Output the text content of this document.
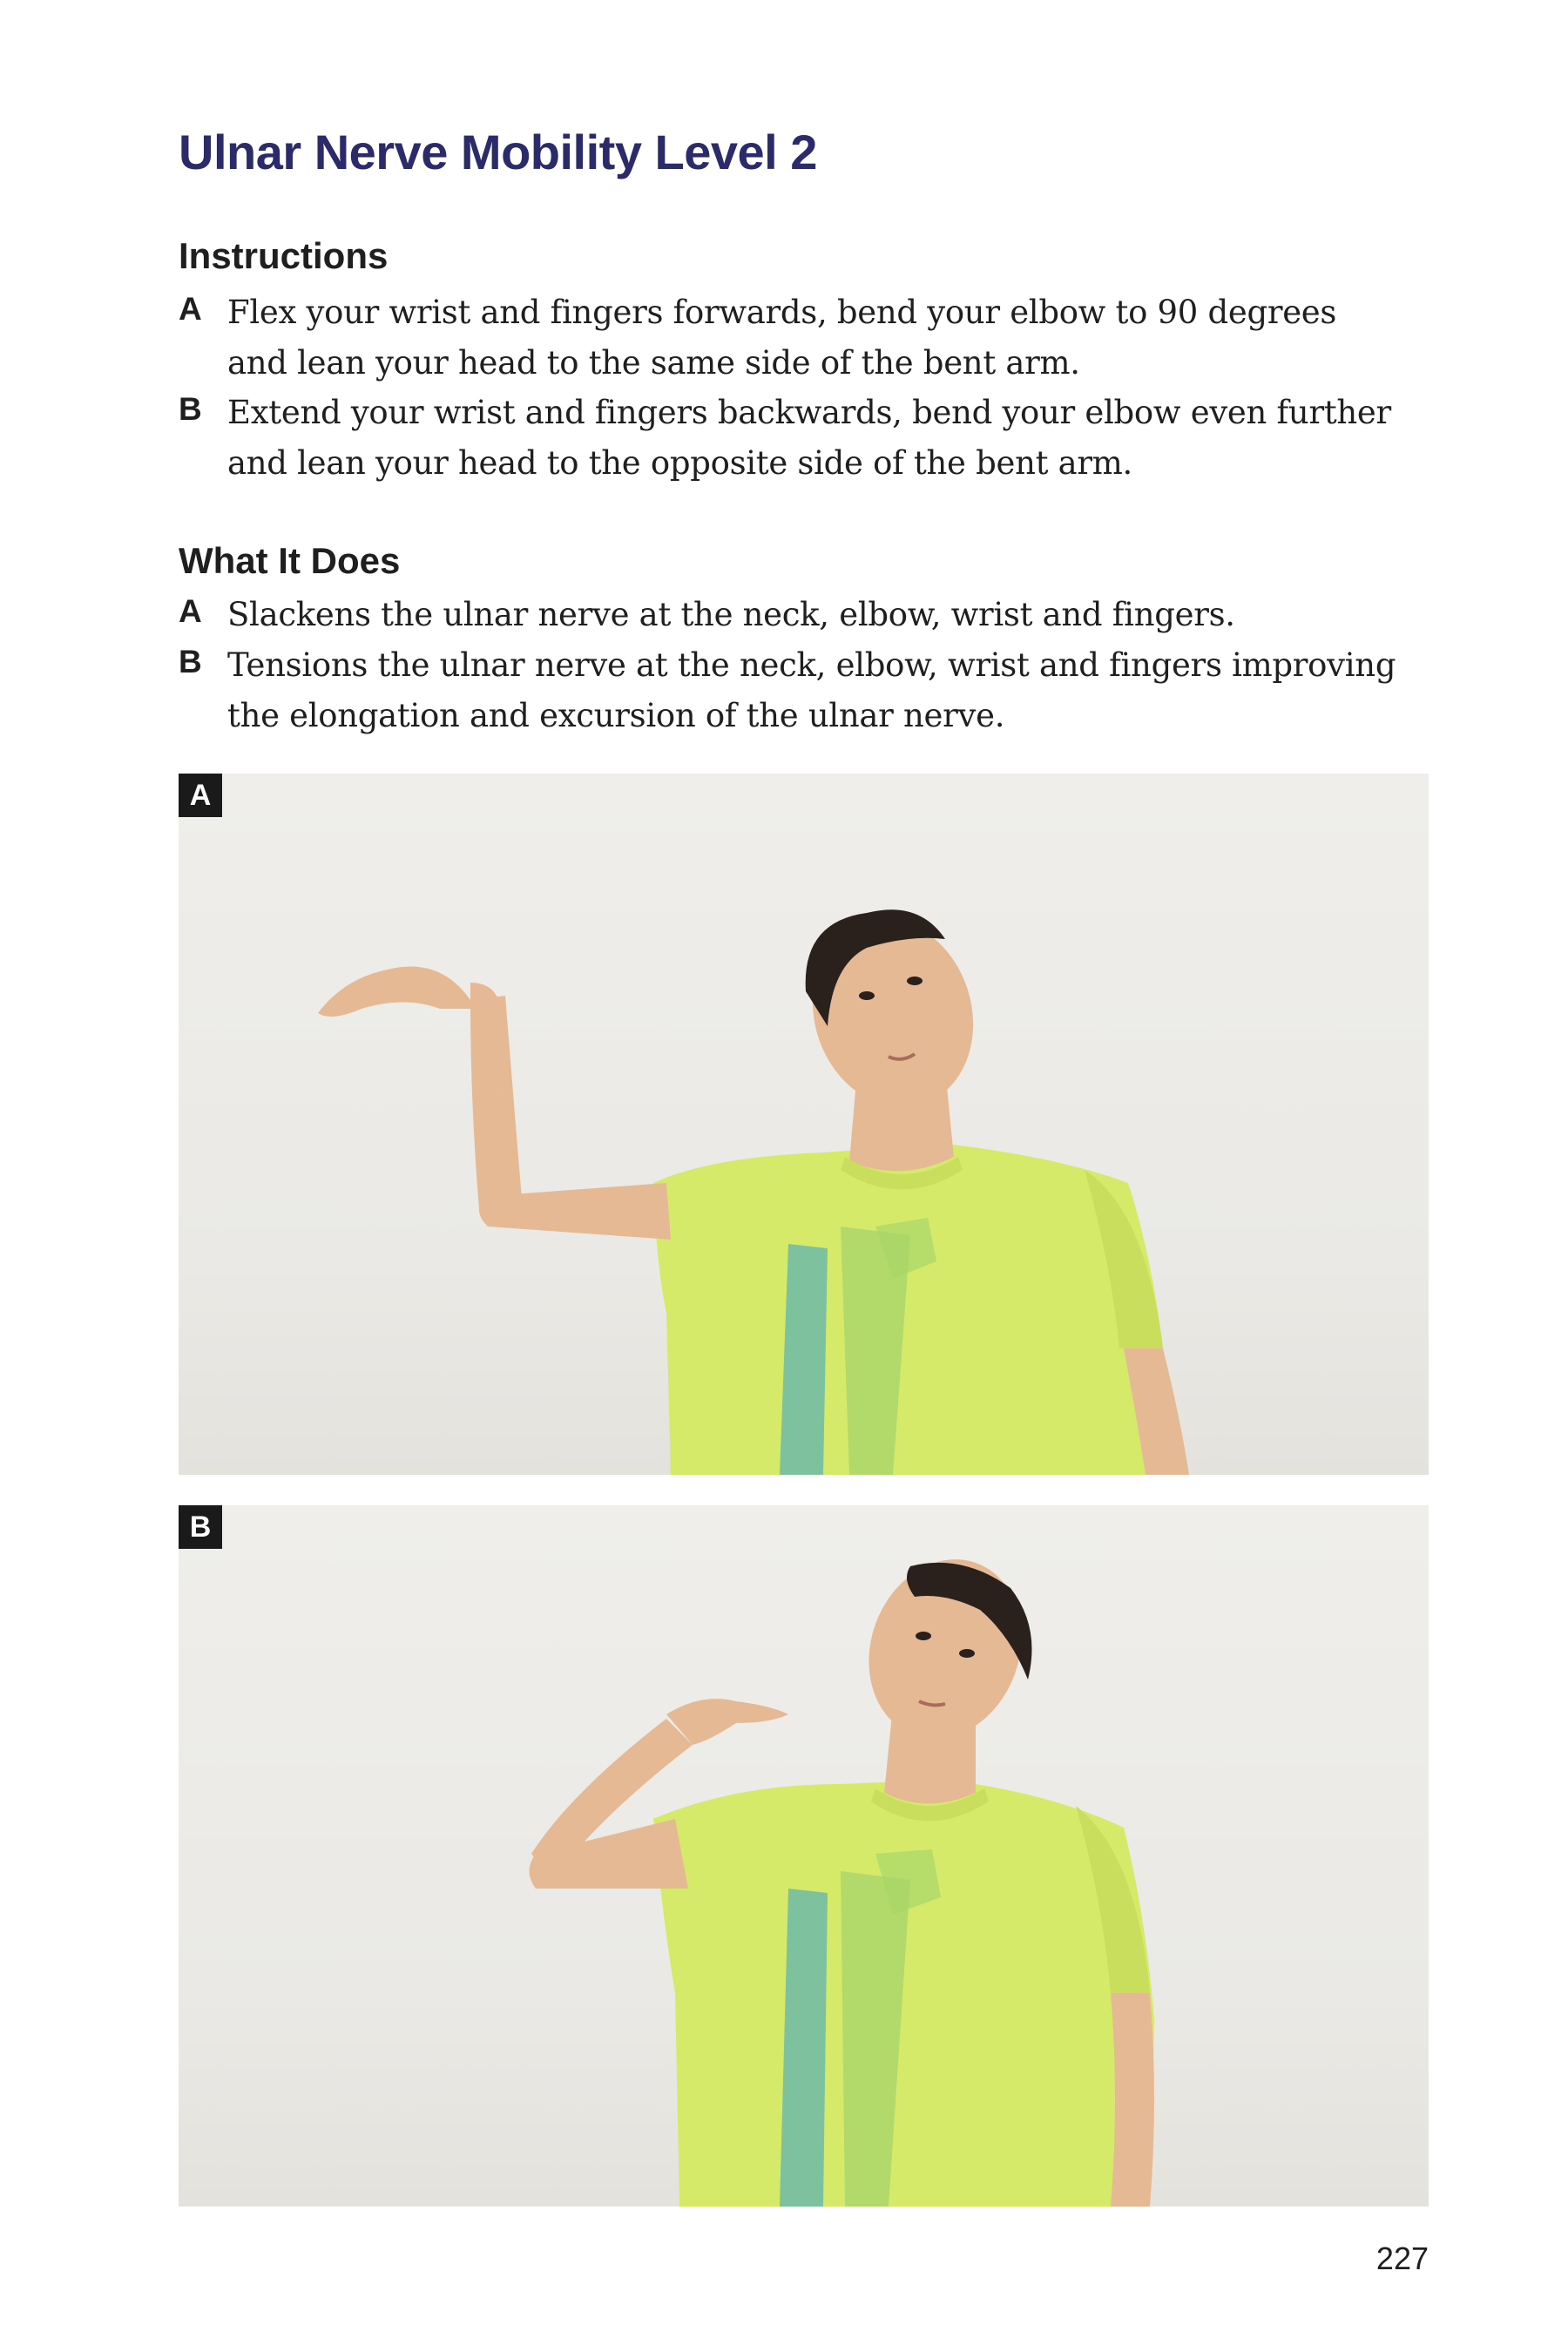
Ulnar Nerve Mobility Level 2
Instructions
A Flex your wrist and fingers forwards, bend your elbow to 90 degrees and lean your head to the same side of the bent arm.

B Extend your wrist and fingers backwards, bend your elbow even further and lean your head to the opposite side of the bent arm.

What It Does
A Slackens the ulnar nerve at the neck, elbow, wrist and fingers.

B Tensions the ulnar nerve at the neck, elbow, wrist and fingers improving the elongation and excursion of the ulnar nerve.

A
B
227
